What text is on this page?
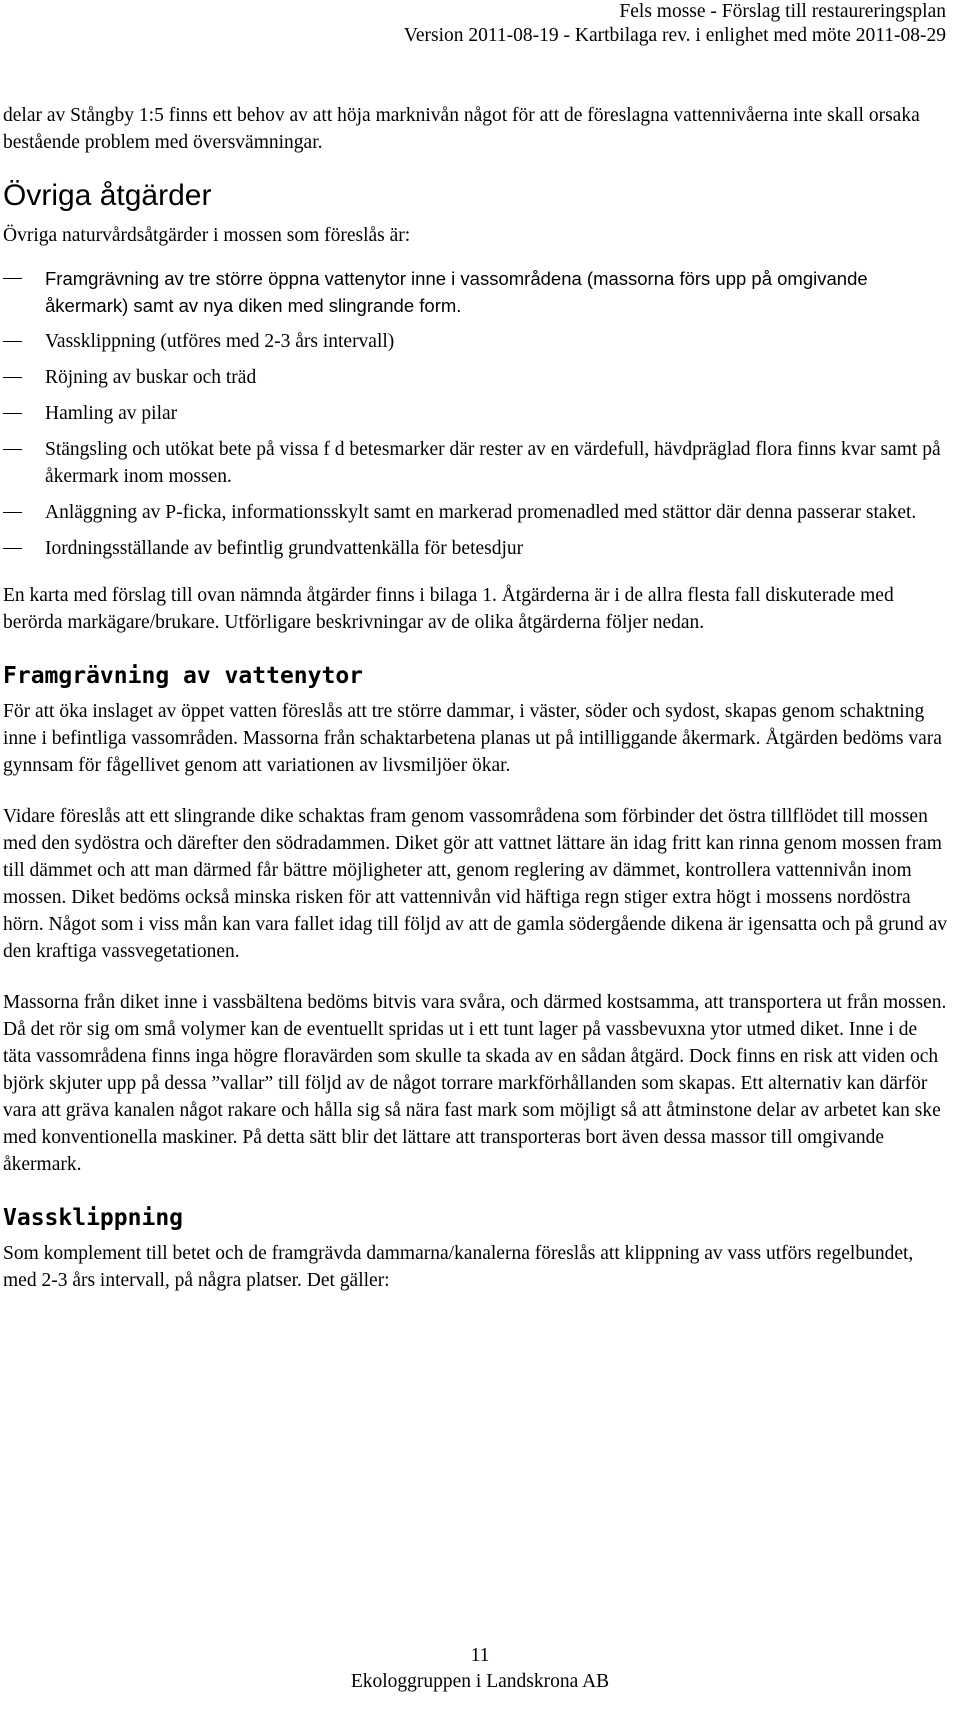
Fels mosse - Förslag till restaureringsplan
Version 2011-08-19 - Kartbilaga rev. i enlighet med möte 2011-08-29

delar av Stångby 1:5 finns ett behov av att höja marknivån något för att de föreslagna vattennivåerna inte skall orsaka bestående problem med översvämningar.

Övriga åtgärder

Övriga naturvårdsåtgärder i mossen som föreslås är:

Framgrävning av tre större öppna vattenytor inne i vassområdena (massorna förs upp på omgivande åkermark) samt av nya diken med slingrande form.
Vassklippning (utföres med 2-3 års intervall)
Röjning av buskar och träd
Hamling av pilar
Stängsling och utökat bete på vissa f d betesmarker där rester av en värdefull, hävdpräglad flora finns kvar samt på åkermark inom mossen.
Anläggning av P-ficka, informationsskylt samt en markerad promenadled med stättor där denna passerar staket.
Iordningsställande av befintlig grundvattenkälla för betesdjur

En karta med förslag till ovan nämnda åtgärder finns i bilaga 1. Åtgärderna är i de allra flesta fall diskuterade med berörda markägare/brukare. Utförligare beskrivningar av de olika åtgärderna följer nedan.

Framgrävning av vattenytor

För att öka inslaget av öppet vatten föreslås att tre större dammar, i väster, söder och sydost, skapas genom schaktning inne i befintliga vassområden. Massorna från schaktarbetena planas ut på intilliggande åkermark. Åtgärden bedöms vara gynnsam för fågellivet genom att variationen av livsmiljöer ökar.

Vidare föreslås att ett slingrande dike schaktas fram genom vassområdena som förbinder det östra tillflödet till mossen med den sydöstra och därefter den södradammen. Diket gör att vattnet lättare än idag fritt kan rinna genom mossen fram till dämmet och att man därmed får bättre möjligheter att, genom reglering av dämmet, kontrollera vattennivån inom mossen. Diket bedöms också minska risken för att vattennivån vid häftiga regn stiger extra högt i mossens nordöstra hörn. Något som i viss mån kan vara fallet idag till följd av att de gamla södergående dikena är igensatta och på grund av den kraftiga vassvegetationen.

Massorna från diket inne i vassbältena bedöms bitvis vara svåra, och därmed kostsamma, att transportera ut från mossen. Då det rör sig om små volymer kan de eventuellt spridas ut i ett tunt lager på vassbevuxna ytor utmed diket. Inne i de täta vassområdena finns inga högre floravärden som skulle ta skada av en sådan åtgärd. Dock finns en risk att viden och björk skjuter upp på dessa ”vallar” till följd av de något torrare markförhållanden som skapas. Ett alternativ kan därför vara att gräva kanalen något rakare och hålla sig så nära fast mark som möjligt så att åtminstone delar av arbetet kan ske med konventionella maskiner. På detta sätt blir det lättare att transporteras bort även dessa massor till omgivande åkermark.

Vassklippning

Som komplement till betet och de framgrävda dammarna/kanalerna föreslås att klippning av vass utförs regelbundet, med 2-3 års intervall, på några platser. Det gäller:

11
Ekologgruppen i Landskrona AB
